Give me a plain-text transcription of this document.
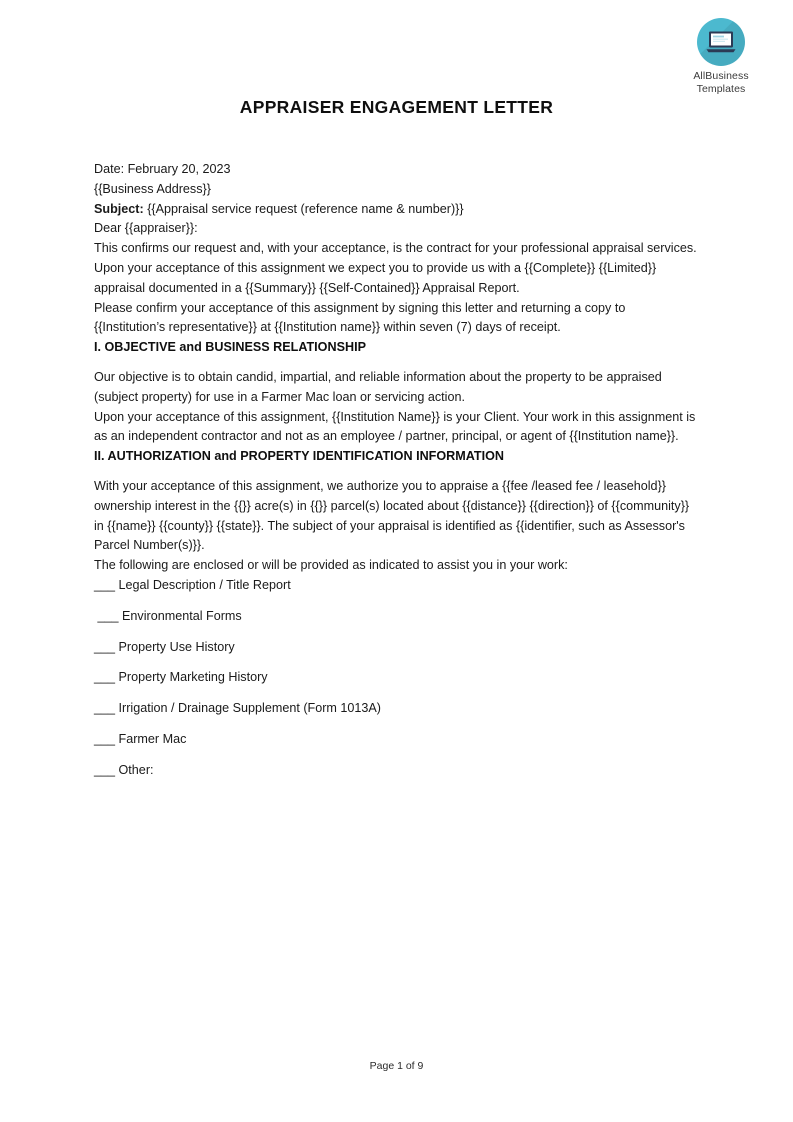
AllBusiness
Templates
APPRAISER ENGAGEMENT LETTER

Date: February 20, 2023

{{Business Address}}

Subject: {{Appraisal service request (reference name & number)}}

Dear {{appraiser}}:

This confirms our request and, with your acceptance, is the contract for your professional appraisal services.

Upon your acceptance of this assignment we expect you to provide us with a {{Complete}} {{Limited}} appraisal documented in a {{Summary}} {{Self-Contained}} Appraisal Report.

Please confirm your acceptance of this assignment by signing this letter and returning a copy to {{Institution’s representative}} at {{Institution name}} within seven (7) days of receipt.

I. OBJECTIVE and BUSINESS RELATIONSHIP

Our objective is to obtain candid, impartial, and reliable information about the property to be appraised (subject property) for use in a Farmer Mac loan or servicing action.

Upon your acceptance of this assignment, {{Institution Name}} is your Client. Your work in this assignment is as an independent contractor and not as an employee / partner, principal, or agent of {{Institution name}}.

II. AUTHORIZATION and PROPERTY IDENTIFICATION INFORMATION

With your acceptance of this assignment, we authorize you to appraise a {{fee /leased fee / leasehold}} ownership interest in the {{}} acre(s) in {{}} parcel(s) located about {{distance}} {{direction}} of {{community}} in {{name}} {{county}} {{state}}. The subject of your appraisal is identified as {{identifier, such as Assessor's Parcel Number(s)}}.

The following are enclosed or will be provided as indicated to assist you in your work:

___ Legal Description / Title Report
___ Environmental Forms
___ Property Use History
___ Property Marketing History
___ Irrigation / Drainage Supplement (Form 1013A)
___ Farmer Mac
___ Other:
Page 1 of 9
